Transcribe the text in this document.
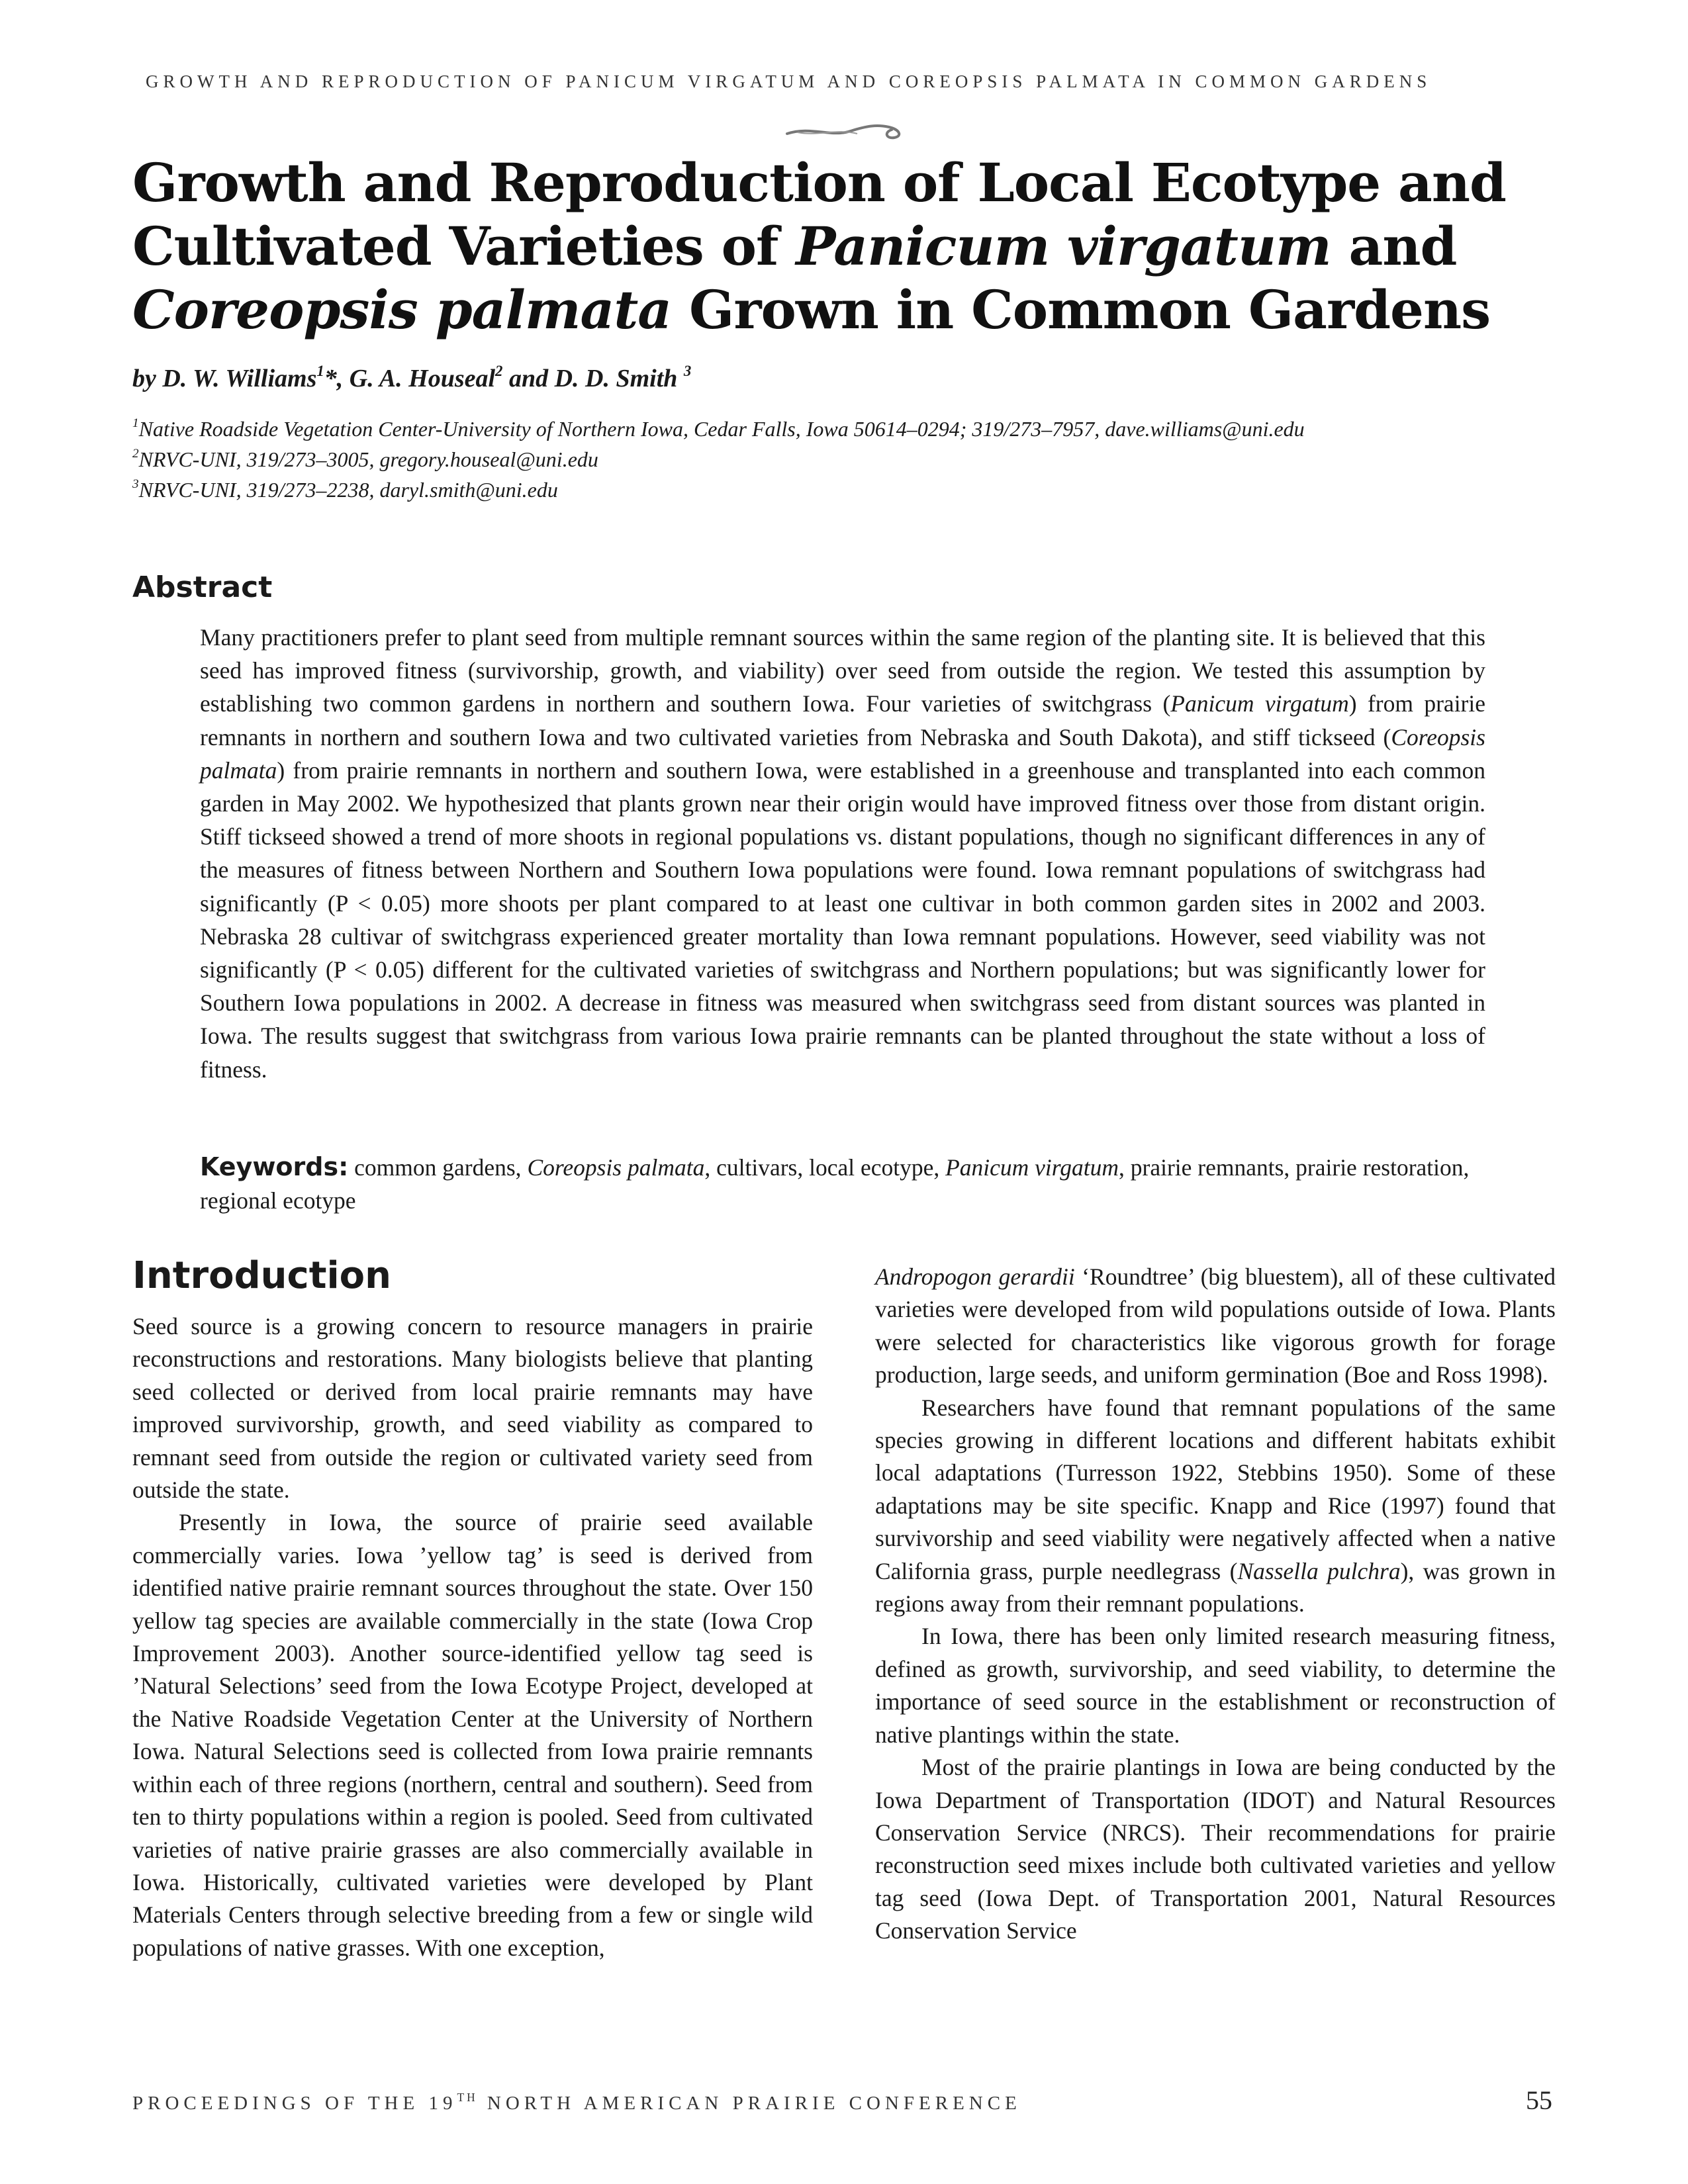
GROWTH AND REPRODUCTION OF PANICUM VIRGATUM AND COREOPSIS PALMATA IN COMMON GARDENS
Growth and Reproduction of Local Ecotype and
Cultivated Varieties of Panicum virgatum and
Coreopsis palmata Grown in Common Gardens
by D. W. Williams$^1$*, G. A. Houseal$^2$ and D. D. Smith $^3$
$^1$Native Roadside Vegetation Center-University of Northern Iowa, Cedar Falls, Iowa 50614–0294; 319/273–7957, dave.williams@uni.edu
$^2$NRVC-UNI, 319/273–3005, gregory.houseal@uni.edu
$^3$NRVC-UNI, 319/273–2238, daryl.smith@uni.edu
Abstract

Many practitioners prefer to plant seed from multiple remnant sources within the same region of the planting site. It is believed that this seed has improved fitness (survivorship, growth, and viability) over seed from outside the region. We tested this assumption by establishing two common gardens in northern and southern Iowa. Four varieties of switchgrass (Panicum virgatum) from prairie remnants in northern and southern Iowa and two cultivated varieties from Nebraska and South Dakota), and stiff tickseed (Coreopsis palmata) from prairie remnants in northern and southern Iowa, were established in a greenhouse and transplanted into each common garden in May 2002. We hypothesized that plants grown near their origin would have improved fitness over those from distant origin. Stiff tickseed showed a trend of more shoots in regional populations vs. distant populations, though no significant differences in any of the measures of fitness between Northern and Southern Iowa populations were found. Iowa remnant populations of switchgrass had significantly (P < 0.05) more shoots per plant compared to at least one cultivar in both common garden sites in 2002 and 2003. Nebraska 28 cultivar of switchgrass experienced greater mortality than Iowa remnant populations. However, seed viability was not significantly (P < 0.05) different for the cultivated varieties of switchgrass and Northern populations; but was significantly lower for Southern Iowa populations in 2002. A decrease in fitness was measured when switchgrass seed from distant sources was planted in Iowa. The results suggest that switchgrass from various Iowa prairie remnants can be planted throughout the state without a loss of fitness.

Keywords: common gardens, Coreopsis palmata, cultivars, local ecotype, Panicum virgatum, prairie remnants, prairie restoration, regional ecotype

Introduction

Seed source is a growing concern to resource managers in prairie reconstructions and restorations. Many biologists believe that planting seed collected or derived from local prairie remnants may have improved survivorship, growth, and seed viability as compared to remnant seed from outside the region or cultivated variety seed from outside the state.

Presently in Iowa, the source of prairie seed available commercially varies. Iowa ’yellow tag’ is seed is derived from identified native prairie remnant sources throughout the state. Over 150 yellow tag species are available commercially in the state (Iowa Crop Improvement 2003). Another source-identified yellow tag seed is ’Natural Selections’ seed from the Iowa Ecotype Project, developed at the Native Roadside Vegetation Center at the University of Northern Iowa. Natural Selections seed is collected from Iowa prairie remnants within each of three regions (northern, central and southern). Seed from ten to thirty populations within a region is pooled. Seed from cultivated varieties of native prairie grasses are also commercially available in Iowa. Historically, cultivated varieties were developed by Plant Materials Centers through selective breeding from a few or single wild populations of native grasses. With one exception,

Andropogon gerardii ‘Roundtree’ (big bluestem), all of these cultivated varieties were developed from wild populations outside of Iowa. Plants were selected for characteristics like vigorous growth for forage production, large seeds, and uniform germination (Boe and Ross 1998).

Researchers have found that remnant populations of the same species growing in different locations and different habitats exhibit local adaptations (Turresson 1922, Stebbins 1950). Some of these adaptations may be site specific. Knapp and Rice (1997) found that survivorship and seed viability were negatively affected when a native California grass, purple needlegrass (Nassella pulchra), was grown in regions away from their remnant populations.

In Iowa, there has been only limited research measuring fitness, defined as growth, survivorship, and seed viability, to determine the importance of seed source in the establishment or reconstruction of native plantings within the state.

Most of the prairie plantings in Iowa are being conducted by the Iowa Department of Transportation (IDOT) and Natural Resources Conservation Service (NRCS). Their recommendations for prairie reconstruction seed mixes include both cultivated varieties and yellow tag seed (Iowa Dept. of Transportation 2001, Natural Resources Conservation Service

PROCEEDINGS OF THE 19TH NORTH AMERICAN PRAIRIE CONFERENCE	55
